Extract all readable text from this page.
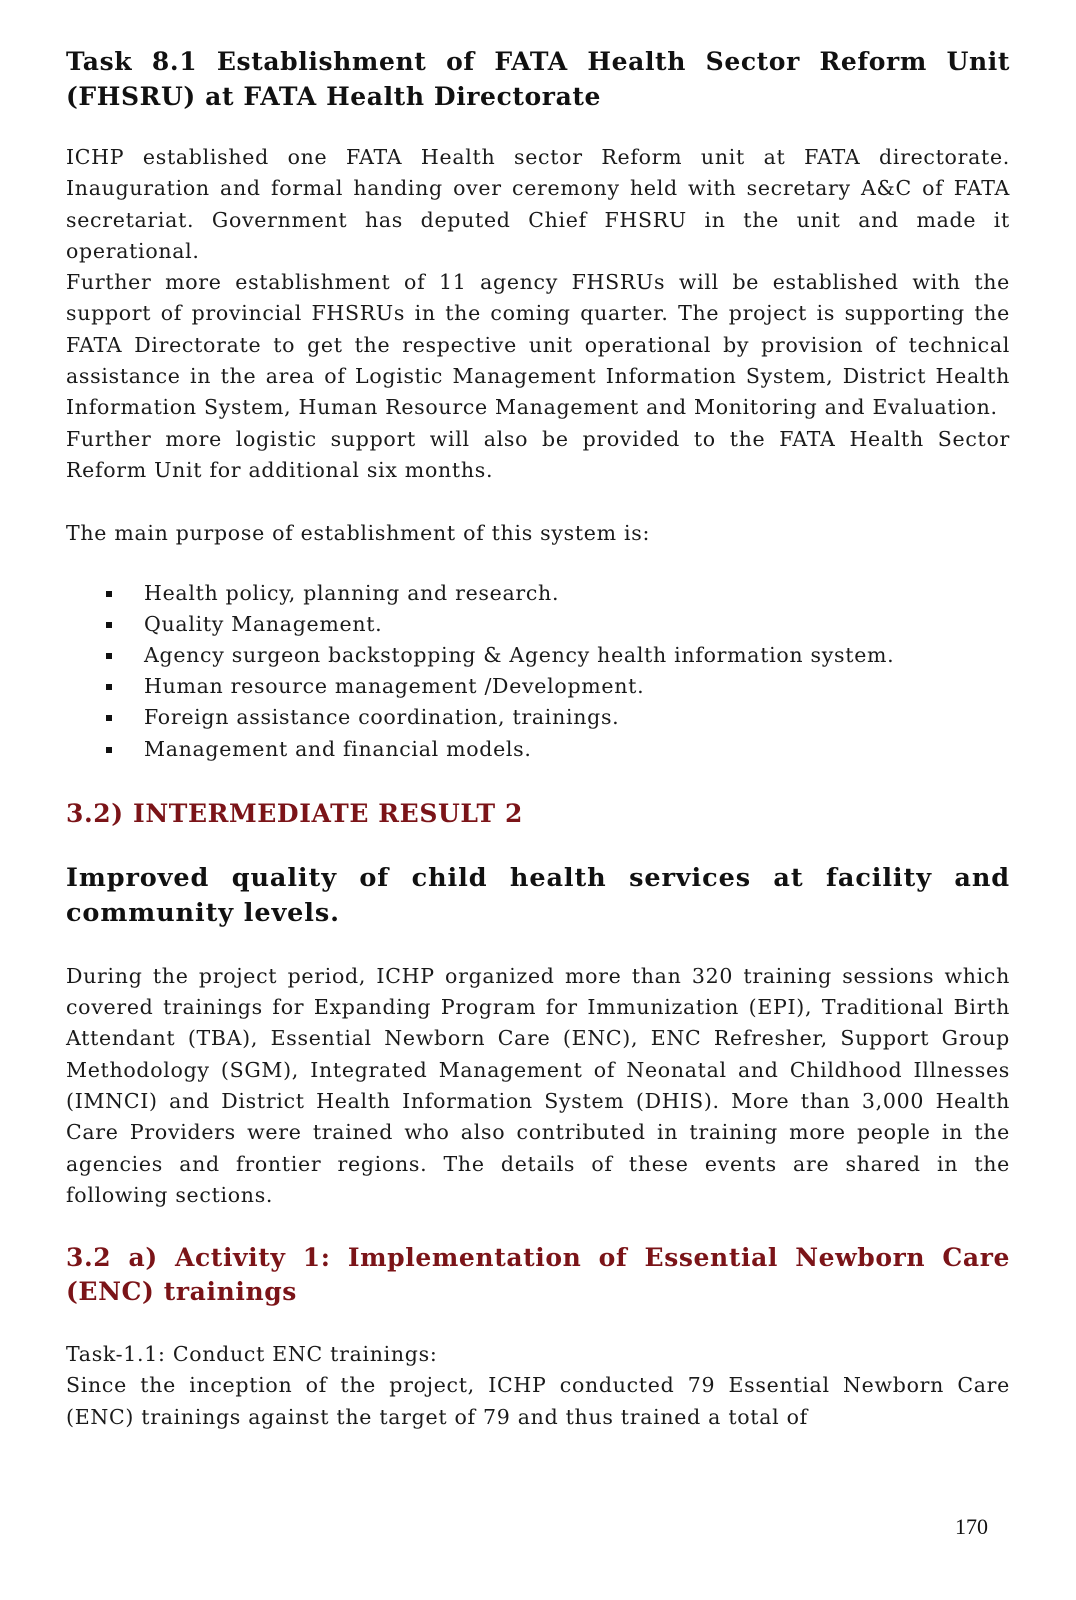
Task 8.1 Establishment of FATA Health Sector Reform Unit (FHSRU) at FATA Health Directorate

ICHP established one FATA Health sector Reform unit at FATA directorate. Inauguration and formal handing over ceremony held with secretary A&C of FATA secretariat. Government has deputed Chief FHSRU in the unit and made it operational.

Further more establishment of 11 agency FHSRUs will be established with the support of provincial FHSRUs in the coming quarter. The project is supporting the FATA Directorate to get the respective unit operational by provision of technical assistance in the area of Logistic Management Information System, District Health Information System, Human Resource Management and Monitoring and Evaluation.

Further more logistic support will also be provided to the FATA Health Sector Reform Unit for additional six months.

The main purpose of establishment of this system is:

Health policy, planning and research.
Quality Management.
Agency surgeon backstopping & Agency health information system.
Human resource management /Development.
Foreign assistance coordination, trainings.
Management and financial models.
3.2) INTERMEDIATE RESULT 2
Improved quality of child health services at facility and community levels.

During the project period, ICHP organized more than 320 training sessions which covered trainings for Expanding Program for Immunization (EPI), Traditional Birth Attendant (TBA), Essential Newborn Care (ENC), ENC Refresher, Support Group Methodology (SGM), Integrated Management of Neonatal and Childhood Illnesses (IMNCI) and District Health Information System (DHIS). More than 3,000 Health Care Providers were trained who also contributed in training more people in the agencies and frontier regions. The details of these events are shared in the following sections.

3.2 a) Activity 1: Implementation of Essential Newborn Care (ENC) trainings

Task-1.1: Conduct ENC trainings:

Since the inception of the project, ICHP conducted 79 Essential Newborn Care (ENC) trainings against the target of 79 and thus trained a total of

170
